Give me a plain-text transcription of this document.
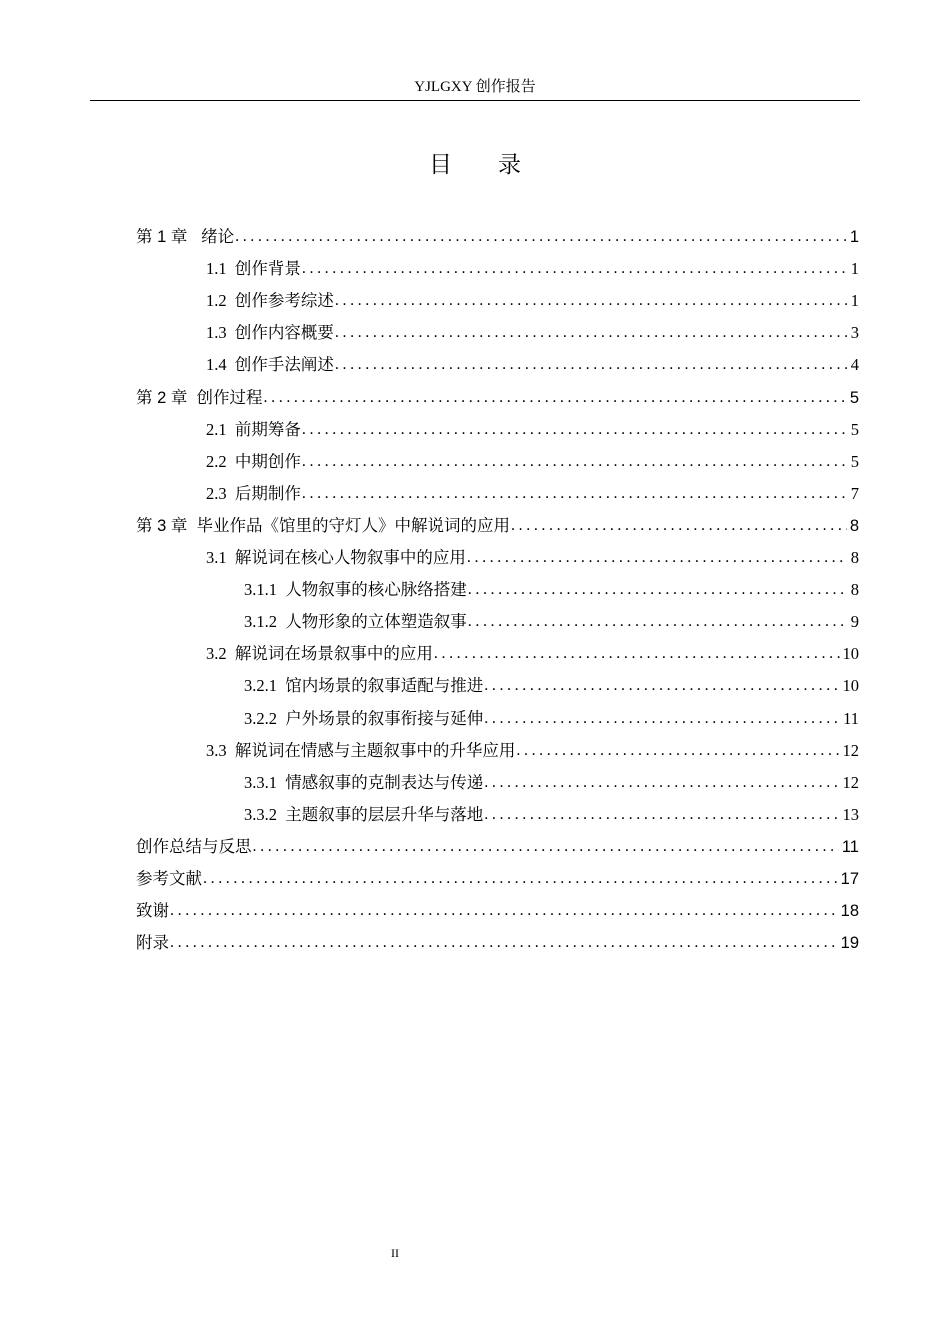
YJLGXY 创作报告
目录
第 1 章 绪论 .....	1
1.1 创作背景 .....	1
1.2 创作参考综述 .....	1
1.3 创作内容概要 .....	3
1.4 创作手法阐述 .....	4
第 2 章 创作过程 .....	5
2.1 前期筹备 .....	5
2.2 中期创作 .....	5
2.3 后期制作 .....	7
第 3 章 毕业作品《馆里的守灯人》中解说词的应用 .....	8
3.1 解说词在核心人物叙事中的应用 .....	8
3.1.1 人物叙事的核心脉络搭建 .....	8
3.1.2 人物形象的立体塑造叙事 .....	9
3.2 解说词在场景叙事中的应用 .....	10
3.2.1 馆内场景的叙事适配与推进 .....	10
3.2.2 户外场景的叙事衔接与延伸 .....	11
3.3 解说词在情感与主题叙事中的升华应用 .....	12
3.3.1 情感叙事的克制表达与传递 .....	12
3.3.2 主题叙事的层层升华与落地 .....	13
创作总结与反思 .....	11
参考文献 .....	17
致谢 .....	18
附录 .....	19
II
